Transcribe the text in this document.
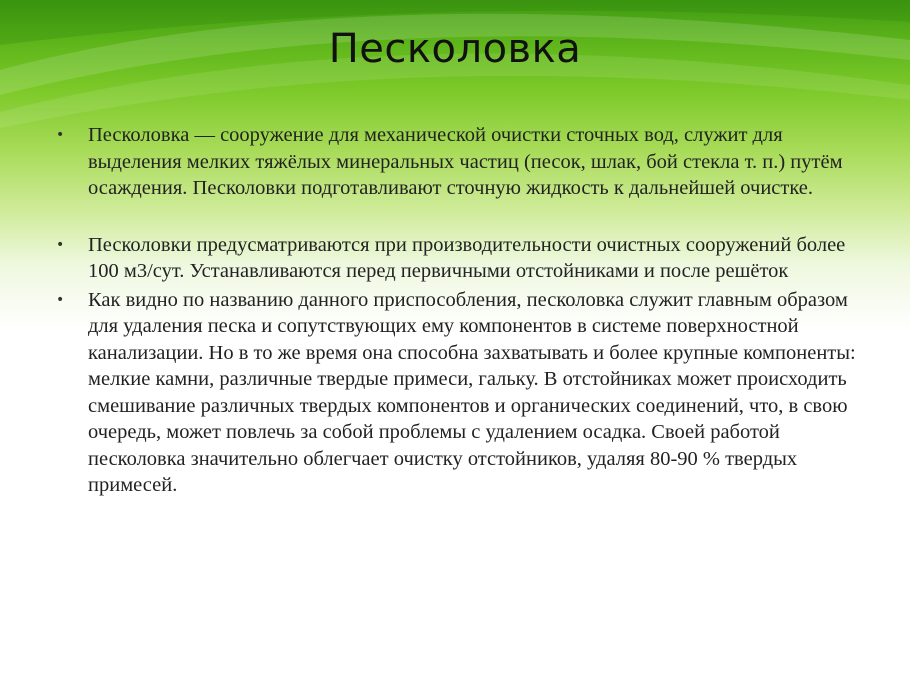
Песколовка
• Песколовка — сооружение для механической очистки сточных вод, служит для выделения мелких тяжёлых минеральных частиц (песок, шлак, бой стекла т. п.) путём осаждения. Песколовки подготавливают сточную жидкость к дальнейшей очистке.
• Песколовки предусматриваются при производительности очистных сооружений более 100 м3/сут. Устанавливаются перед первичными отстойниками и после решёток
• Как видно по названию данного приспособления, песколовка служит главным образом для удаления песка и сопутствующих ему компонентов в системе поверхностной канализации. Но в то же время она способна захватывать и более крупные компоненты: мелкие камни, различные твердые примеси, гальку. В отстойниках может происходить смешивание различных твердых компонентов и органических соединений, что, в свою очередь, может повлечь за собой проблемы с удалением осадка. Своей работой песколовка значительно облегчает очистку отстойников, удаляя 80-90 % твердых примесей.
